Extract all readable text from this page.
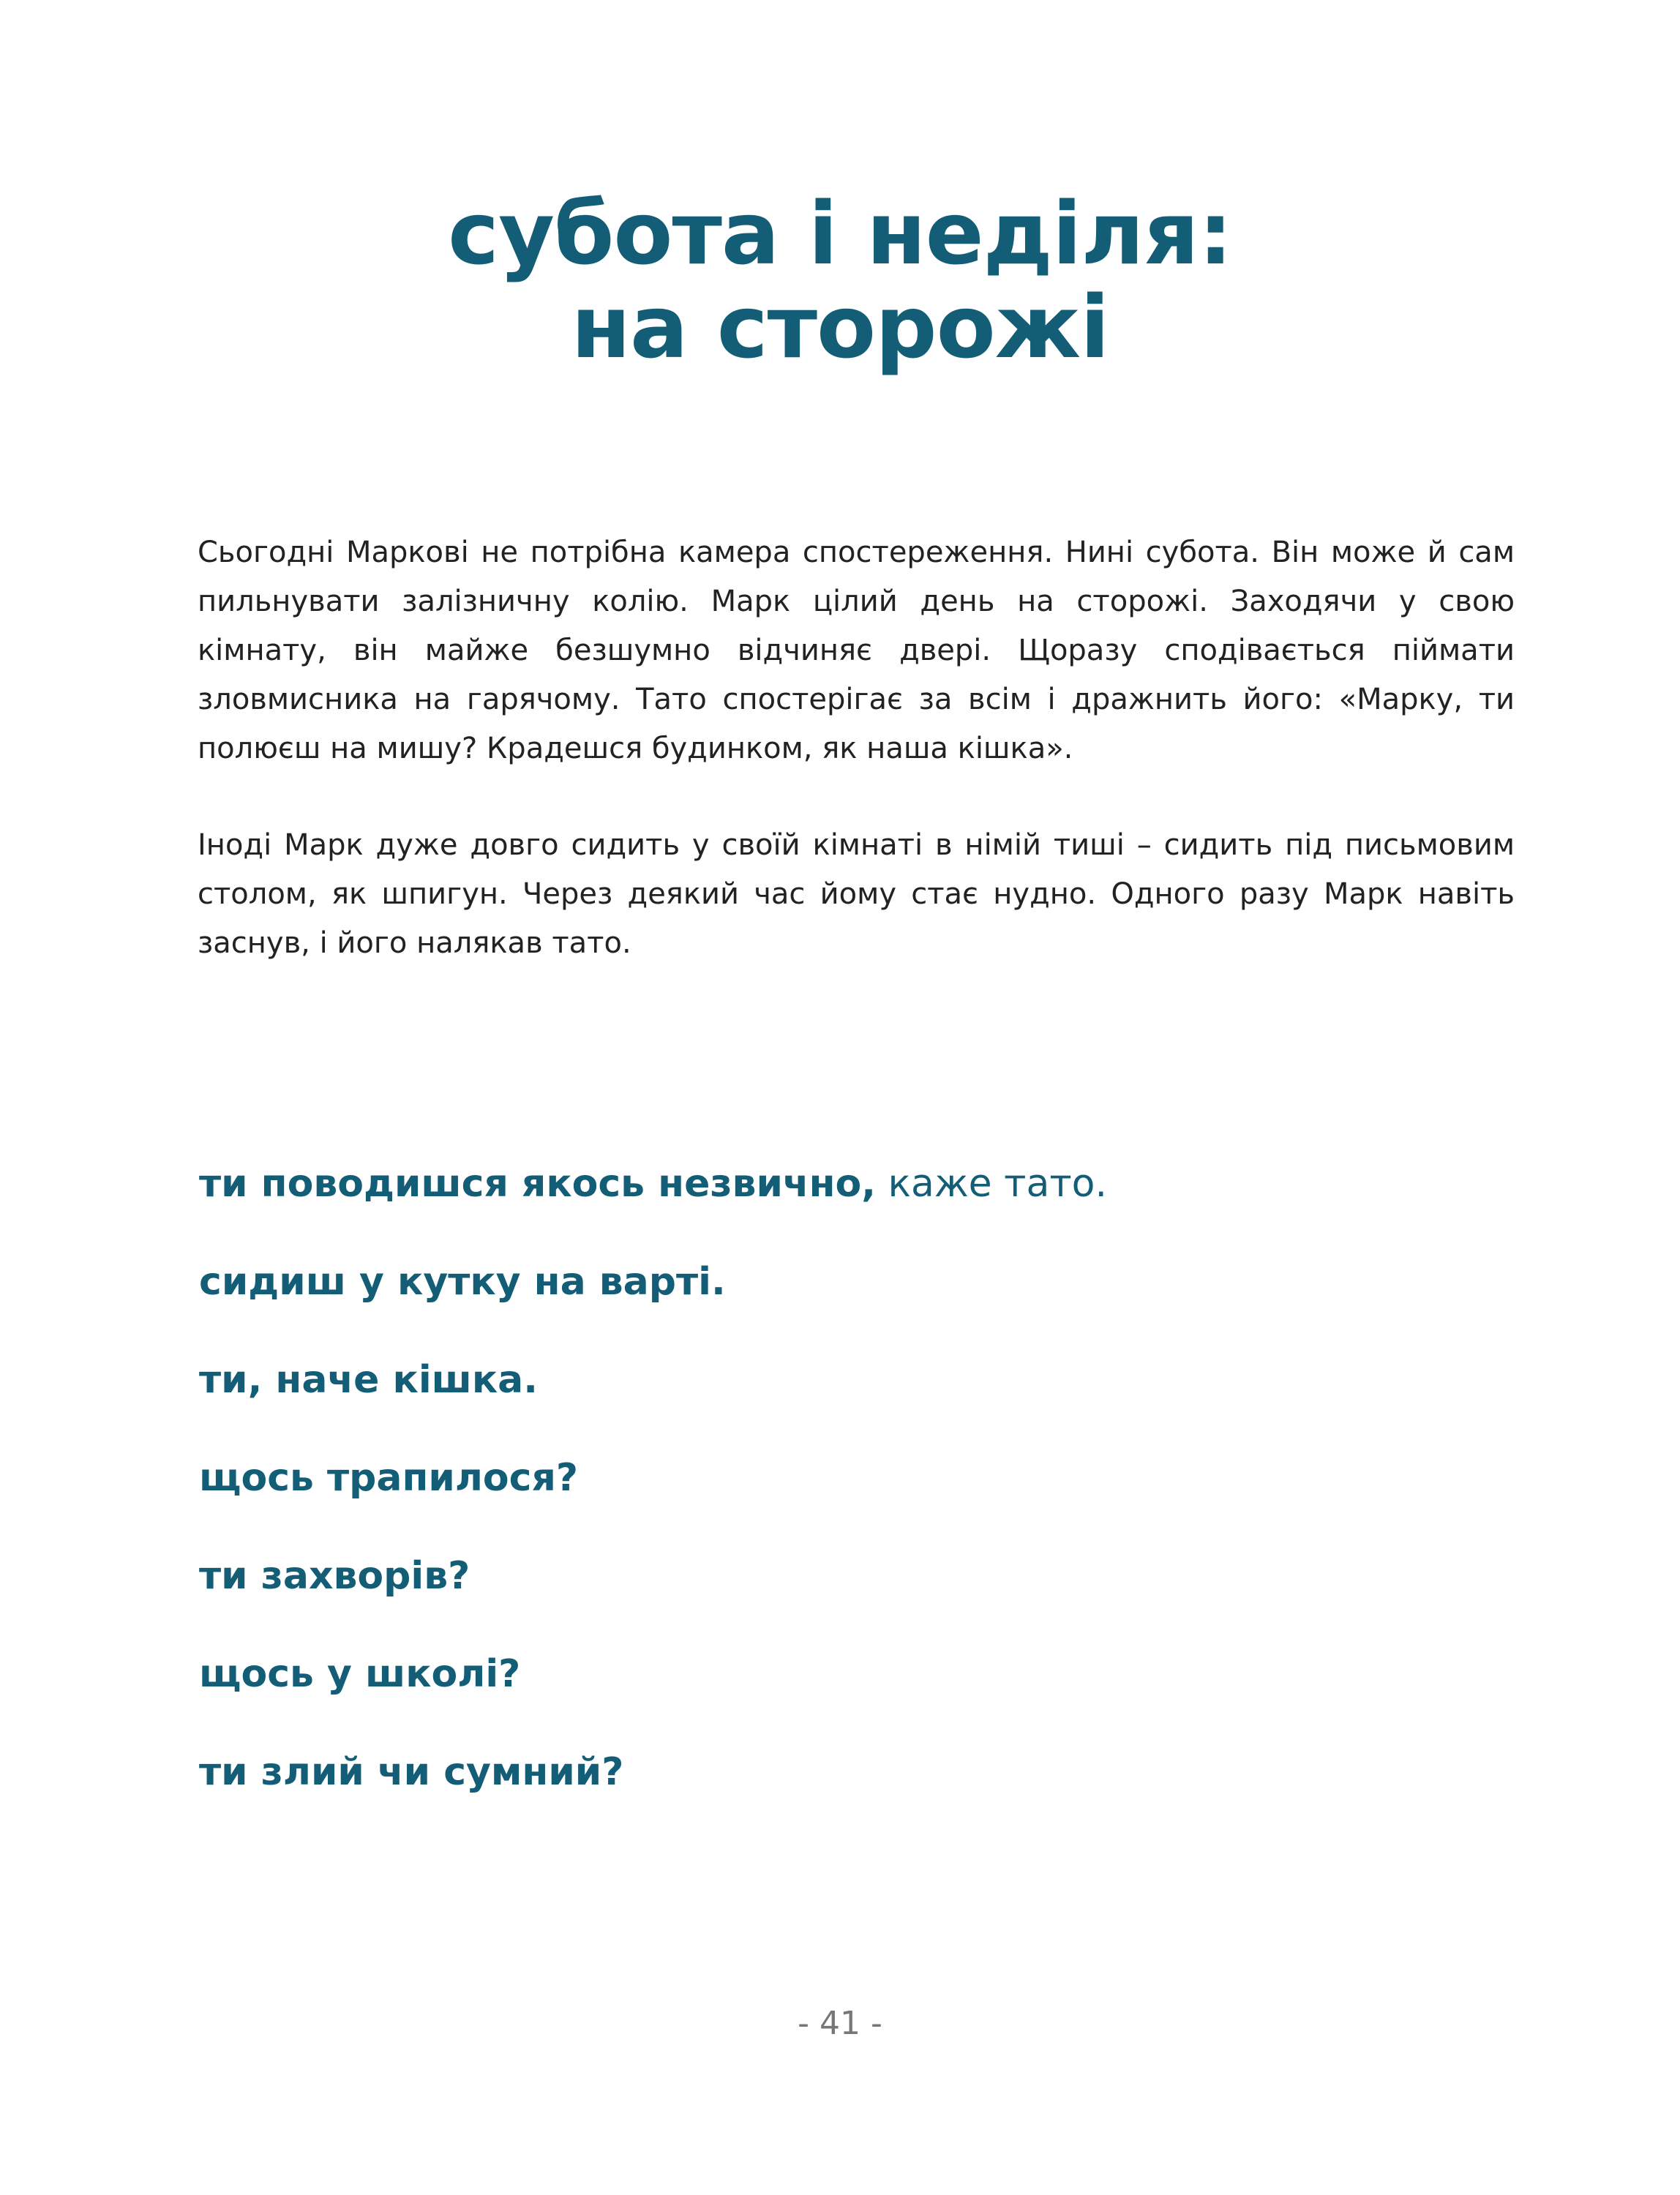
субота і неділя:
на сторожі

Сьогодні Маркові не потрібна камера спостереження. Нині субота. Він може й сам пильнувати залізничну колію. Марк цілий день на сторожі. Заходячи у свою кімнату, він майже безшумно відчиняє двері. Щоразу сподівається піймати зловмисника на гарячому. Тато спостерігає за всім і дражнить його: «Марку, ти полюєш на мишу? Крадешся будинком, як наша кішка».

Іноді Марк дуже довго сидить у своїй кімнаті в німій тиші – сидить під письмовим столом, як шпигун. Через деякий час йому стає нудно. Одного разу Марк навіть заснув, і його налякав тато.

ти поводишся якось незвично, каже тато.

сидиш у кутку на варті.

ти, наче кішка.

щось трапилося?

ти захворів?

щось у школі?

ти злий чи сумний?

- 41 -
